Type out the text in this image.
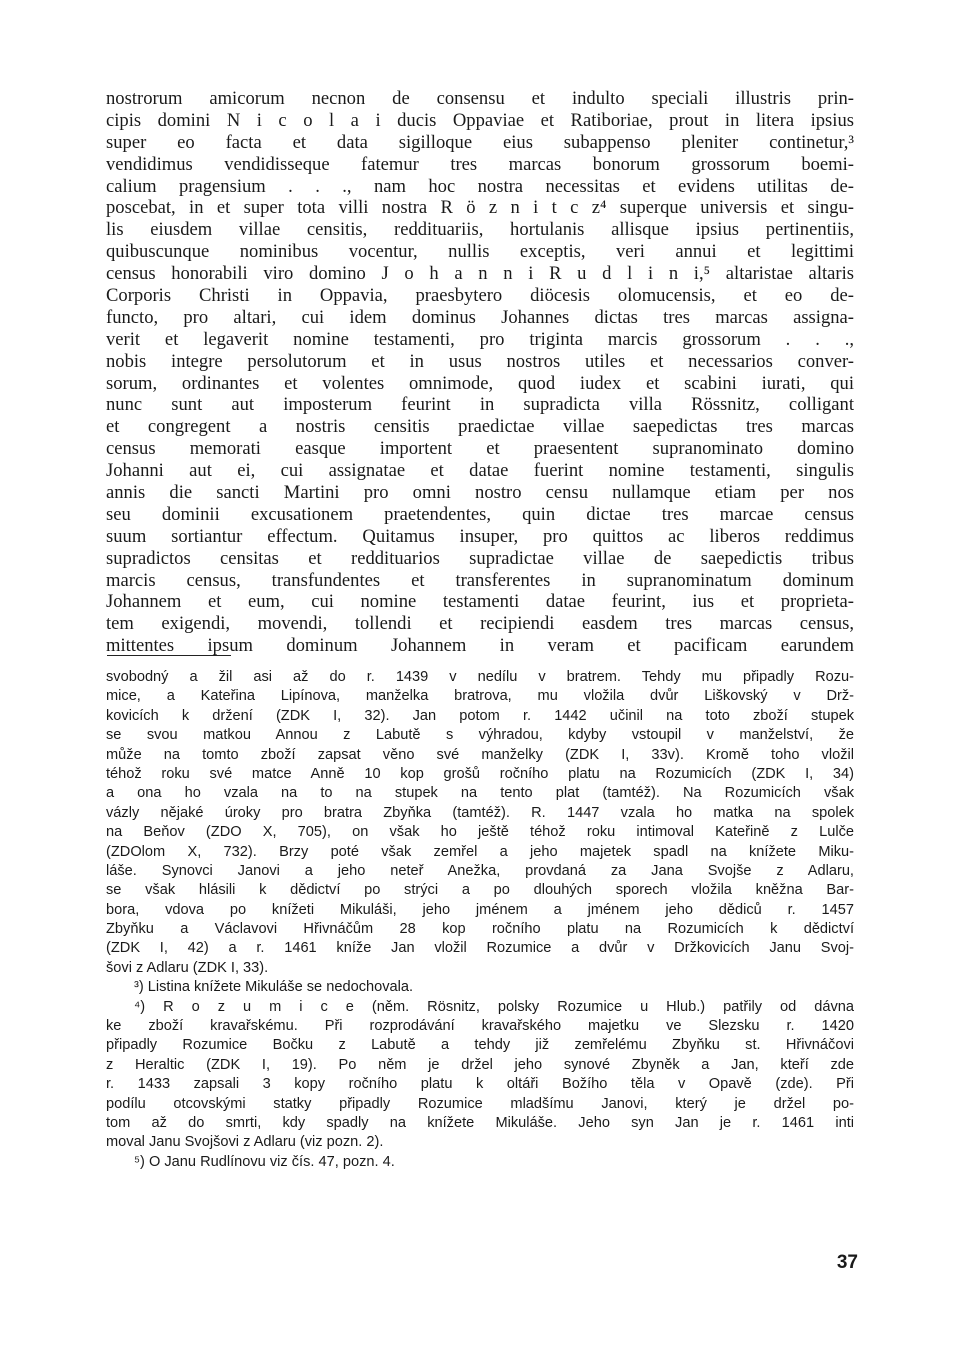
nostrorum amicorum necnon de consensu et indulto speciali illustris prin-
cipis domini N i c o l a i ducis Oppaviae et Ratiboriae, prout in litera ipsius
super eo facta et data sigilloque eius subappenso pleniter continetur,³
vendidimus vendidisseque fatemur tres marcas bonorum grossorum boemi-
calium pragensium . . ., nam hoc nostra necessitas et evidens utilitas de-
poscebat, in et super tota villi nostra R ö z n i t c z⁴ superque universis et singu-
lis eiusdem villae censitis, reddituariis, hortulanis allisque ipsius pertinentiis,
quibuscunque nominibus vocentur, nullis exceptis, veri annui et legittimi
census honorabili viro domino J o h a n n i R u d l i n i,⁵ altaristae altaris
Corporis Christi in Oppavia, praesbytero diöcesis olomucensis, et eo de-
functo, pro altari, cui idem dominus Johannes dictas tres marcas assigna-
verit et legaverit nomine testamenti, pro triginta marcis grossorum . . .,
nobis integre persolutorum et in usus nostros utiles et necessarios conver-
sorum, ordinantes et volentes omnimode, quod iudex et scabini iurati, qui
nunc sunt aut imposterum feurint in supradicta villa Rössnitz, colligant
et congregent a nostris censitis praedictae villae saepedictas tres marcas
census memorati easque importent et praesentent supranominato domino
Johanni aut ei, cui assignatae et datae fuerint nomine testamenti, singulis
annis die sancti Martini pro omni nostro censu nullamque etiam per nos
seu dominii excusationem praetendentes, quin dictae tres marcae census
suum sortiantur effectum. Quitamus insuper, pro quittos ac liberos reddimus
supradictos censitas et reddituarios supradictae villae de saepedictis tribus
marcis census, transfundentes et transferentes in supranominatum dominum
Johannem et eum, cui nomine testamenti datae feurint, ius et proprieta-
tem exigendi, movendi, tollendi et recipiendi easdem tres marcas census,
mittentes ipsum dominum Johannem in veram et pacificam earundem
svobodný a žil asi až do r. 1439 v nedílu v bratrem. Tehdy mu připadly Rozu-
mice, a Kateřina Lipínova, manželka bratrova, mu vložila dvůr Liškovský v Drž-
kovicích k držení (ZDK I, 32). Jan potom r. 1442 učinil na toto zboží stupek
se svou matkou Annou z Labutě s výhradou, kdyby vstoupil v manželství, že
může na tomto zboží zapsat věno své manželky (ZDK I, 33v). Kromě toho vložil
téhož roku své matce Anně 10 kop grošů ročního platu na Rozumicích (ZDK I, 34)
a ona ho vzala na to na stupek na tento plat (tamtéž). Na Rozumicích však
vázly nějaké úroky pro bratra Zbyňka (tamtéž). R. 1447 vzala ho matka na spolek
na Beňov (ZDO X, 705), on však ho ještě téhož roku intimoval Kateřině z Lulče
(ZDOlom X, 732). Brzy poté však zemřel a jeho majetek spadl na knížete Miku-
láše. Synovci Janovi a jeho neteř Anežka, provdaná za Jana Svojše z Adlaru,
se však hlásili k dědictví po strýci a po dlouhých sporech vložila kněžna Bar-
bora, vdova po knížeti Mikuláši, jeho jménem a jménem jeho dědiců r. 1457
Zbyňku a Václavovi Hřivnáčům 28 kop ročního platu na Rozumicích k dědictví
(ZDK I, 42) a r. 1461 kníže Jan vložil Rozumice a dvůr v Držkovicích Janu Svoj-
šovi z Adlaru (ZDK I, 33).
³) Listina knížete Mikuláše se nedochovala.
⁴) R o z u m i c e (něm. Rösnitz, polsky Rozumice u Hlub.) patřily od dávna
ke zboží kravařskému. Při rozprodávání kravařského majetku ve Slezsku r. 1420
připadly Rozumice Bočku z Labutě a tehdy již zemřelému Zbyňku st. Hřivnáčovi
z Heraltic (ZDK I, 19). Po něm je držel jeho synové Zbyněk a Jan, kteří zde
r. 1433 zapsali 3 kopy ročního platu k oltáři Božího těla v Opavě (zde). Při
podílu otcovskými statky připadly Rozumice mladšímu Janovi, který je držel po-
tom až do smrti, kdy spadly na knížete Mikuláše. Jeho syn Jan je r. 1461 inti
moval Janu Svojšovi z Adlaru (viz pozn. 2).
⁵) O Janu Rudlínovu viz čís. 47, pozn. 4.
37
